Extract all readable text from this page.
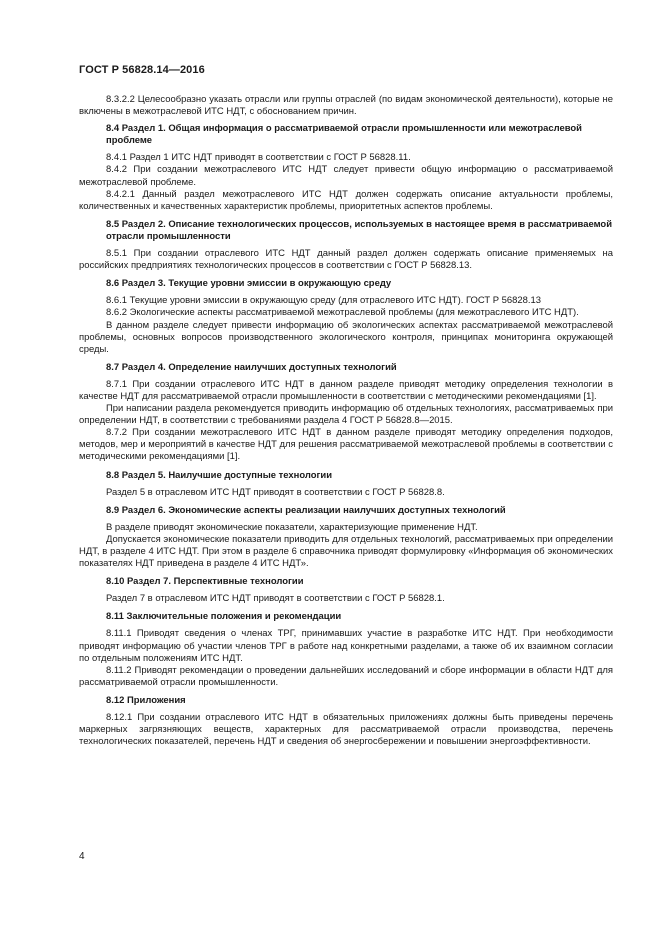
ГОСТ Р 56828.14—2016

8.3.2.2 Целесообразно указать отрасли или группы отраслей (по видам экономической деятельности), которые не включены в межотраслевой ИТС НДТ, с обоснованием причин.

8.4 Раздел 1. Общая информация о рассматриваемой отрасли промышленности или межотраслевой проблеме

8.4.1 Раздел 1 ИТС НДТ приводят в соответствии с ГОСТ Р 56828.11.

8.4.2 При создании межотраслевого ИТС НДТ следует привести общую информацию о рассматриваемой межотраслевой проблеме.

8.4.2.1 Данный раздел межотраслевого ИТС НДТ должен содержать описание актуальности проблемы, количественных и качественных характеристик проблемы, приоритетных аспектов проблемы.

8.5 Раздел 2. Описание технологических процессов, используемых в настоящее время в рассматриваемой отрасли промышленности

8.5.1 При создании отраслевого ИТС НДТ данный раздел должен содержать описание применяемых на российских предприятиях технологических процессов в соответствии с ГОСТ Р 56828.13.

8.6 Раздел 3. Текущие уровни эмиссии в окружающую среду

8.6.1 Текущие уровни эмиссии в окружающую среду (для отраслевого ИТС НДТ). ГОСТ Р 56828.13

8.6.2 Экологические аспекты рассматриваемой межотраслевой проблемы (для межотраслевого ИТС НДТ).

В данном разделе следует привести информацию об экологических аспектах рассматриваемой межотраслевой проблемы, основных вопросов производственного экологического контроля, принципах мониторинга окружающей среды.

8.7 Раздел 4. Определение наилучших доступных технологий

8.7.1 При создании отраслевого ИТС НДТ в данном разделе приводят методику определения технологии в качестве НДТ для рассматриваемой отрасли промышленности в соответствии с методическими рекомендациями [1].

При написании раздела рекомендуется приводить информацию об отдельных технологиях, рассматриваемых при определении НДТ, в соответствии с требованиями раздела 4 ГОСТ Р 56828.8—2015.

8.7.2 При создании межотраслевого ИТС НДТ в данном разделе приводят методику определения подходов, методов, мер и мероприятий в качестве НДТ для решения рассматриваемой межотраслевой проблемы в соответствии с методическими рекомендациями [1].

8.8 Раздел 5. Наилучшие доступные технологии

Раздел 5 в отраслевом ИТС НДТ приводят в соответствии с ГОСТ Р 56828.8.

8.9 Раздел 6. Экономические аспекты реализации наилучших доступных технологий

В разделе приводят экономические показатели, характеризующие применение НДТ.

Допускается экономические показатели приводить для отдельных технологий, рассматриваемых при определении НДТ, в разделе 4 ИТС НДТ. При этом в разделе 6 справочника приводят формулировку «Информация об экономических показателях НДТ приведена в разделе 4 ИТС НДТ».

8.10 Раздел 7. Перспективные технологии

Раздел 7 в отраслевом ИТС НДТ приводят в соответствии с ГОСТ Р 56828.1.

8.11 Заключительные положения и рекомендации

8.11.1 Приводят сведения о членах ТРГ, принимавших участие в разработке ИТС НДТ. При необходимости приводят информацию об участии членов ТРГ в работе над конкретными разделами, а также об их взаимном согласии по отдельным положениям ИТС НДТ.

8.11.2 Приводят рекомендации о проведении дальнейших исследований и сборе информации в области НДТ для рассматриваемой отрасли промышленности.

8.12 Приложения

8.12.1 При создании отраслевого ИТС НДТ в обязательных приложениях должны быть приведены перечень маркерных загрязняющих веществ, характерных для рассматриваемой отрасли производства, перечень технологических показателей, перечень НДТ и сведения об энергосбережении и повышении энергоэффективности.

4
